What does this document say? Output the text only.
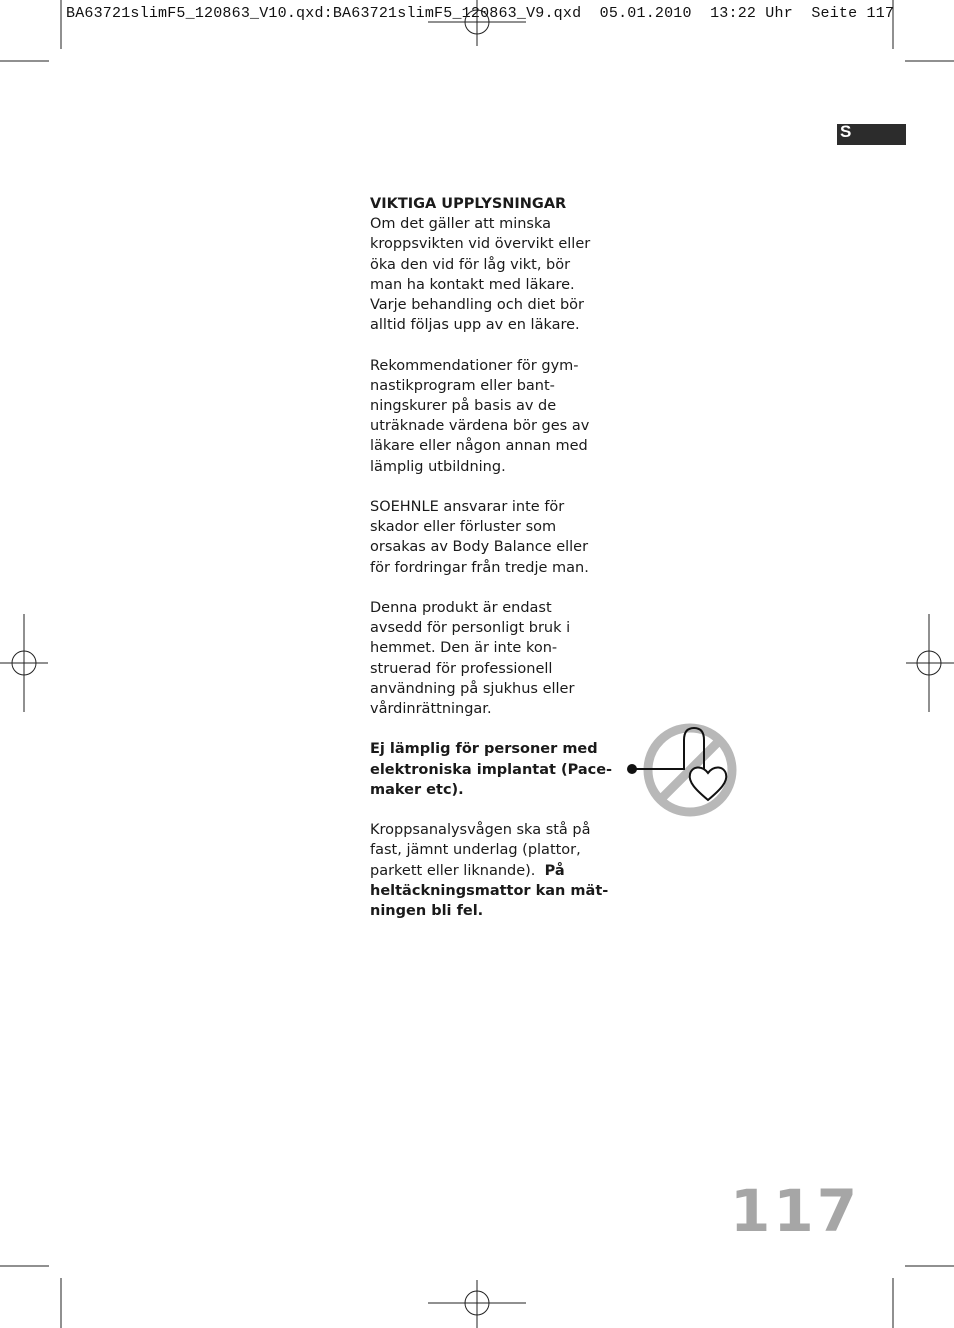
BA63721slimF5_120863_V10.qxd:BA63721slimF5_120863_V9.qxd  05.01.2010  13:22 Uhr  Seite 117
S

VIKTIGA UPPLYSNINGAR
Om det gäller att minska
kroppsvikten vid övervikt eller
öka den vid för låg vikt, bör
man ha kontakt med läkare.
Varje behandling och diet bör
alltid följas upp av en läkare.

Rekommendationer för gym-
nastikprogram eller bant-
ningskurer på basis av de
uträknade värdena bör ges av
läkare eller någon annan med
lämplig utbildning.

SOEHNLE ansvarar inte för
skador eller förluster som
orsakas av Body Balance eller
för fordringar från tredje man.

Denna produkt är endast
avsedd för personligt bruk i
hemmet. Den är inte kon-
struerad för professionell
användning på sjukhus eller
vårdinrättningar.

Ej lämplig för personer med
elektroniska implantat (Pace-
maker etc).

Kroppsanalysvågen ska stå på
fast, jämnt underlag (plattor,
parkett eller liknande). På
heltäckningsmattor kan mät-
ningen bli fel.

117
